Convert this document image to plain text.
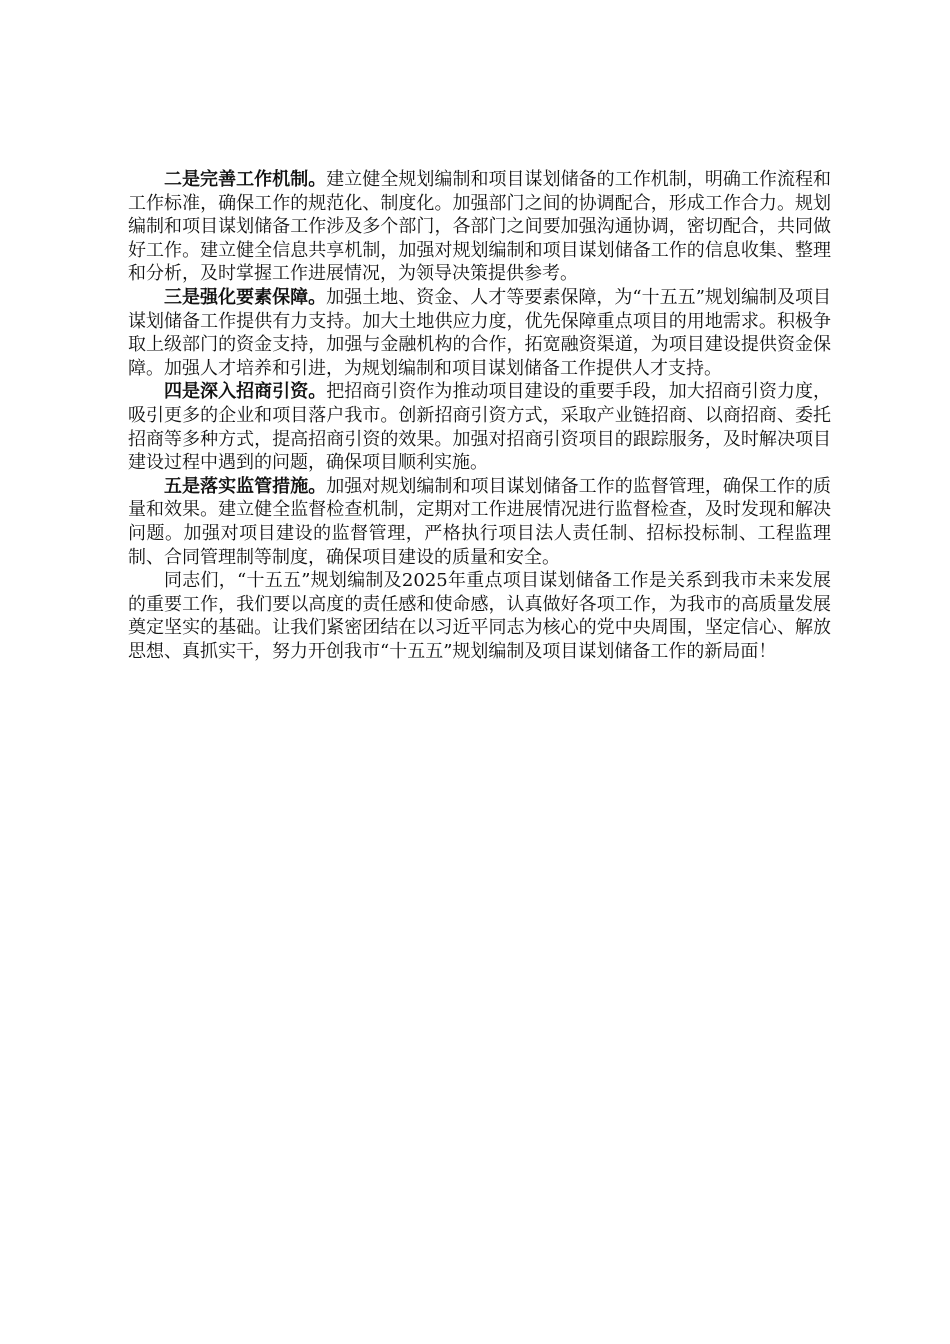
二是完善工作机制。建立健全规划编制和项目谋划储备的工作机制，明确工作流程和工作标准，确保工作的规范化、制度化。加强部门之间的协调配合，形成工作合力。规划编制和项目谋划储备工作涉及多个部门，各部门之间要加强沟通协调，密切配合，共同做好工作。建立健全信息共享机制，加强对规划编制和项目谋划储备工作的信息收集、整理和分析，及时掌握工作进展情况，为领导决策提供参考。

三是强化要素保障。加强土地、资金、人才等要素保障，为“十五五”规划编制及项目谋划储备工作提供有力支持。加大土地供应力度，优先保障重点项目的用地需求。积极争取上级部门的资金支持，加强与金融机构的合作，拓宽融资渠道，为项目建设提供资金保障。加强人才培养和引进，为规划编制和项目谋划储备工作提供人才支持。

四是深入招商引资。把招商引资作为推动项目建设的重要手段，加大招商引资力度，吸引更多的企业和项目落户我市。创新招商引资方式，采取产业链招商、以商招商、委托招商等多种方式，提高招商引资的效果。加强对招商引资项目的跟踪服务，及时解决项目建设过程中遇到的问题，确保项目顺利实施。

五是落实监管措施。加强对规划编制和项目谋划储备工作的监督管理，确保工作的质量和效果。建立健全监督检查机制，定期对工作进展情况进行监督检查，及时发现和解决问题。加强对项目建设的监督管理，严格执行项目法人责任制、招标投标制、工程监理制、合同管理制等制度，确保项目建设的质量和安全。

同志们，“十五五”规划编制及2025年重点项目谋划储备工作是关系到我市未来发展的重要工作，我们要以高度的责任感和使命感，认真做好各项工作，为我市的高质量发展奠定坚实的基础。让我们紧密团结在以习近平同志为核心的党中央周围，坚定信心、解放思想、真抓实干，努力开创我市“十五五”规划编制及项目谋划储备工作的新局面！
